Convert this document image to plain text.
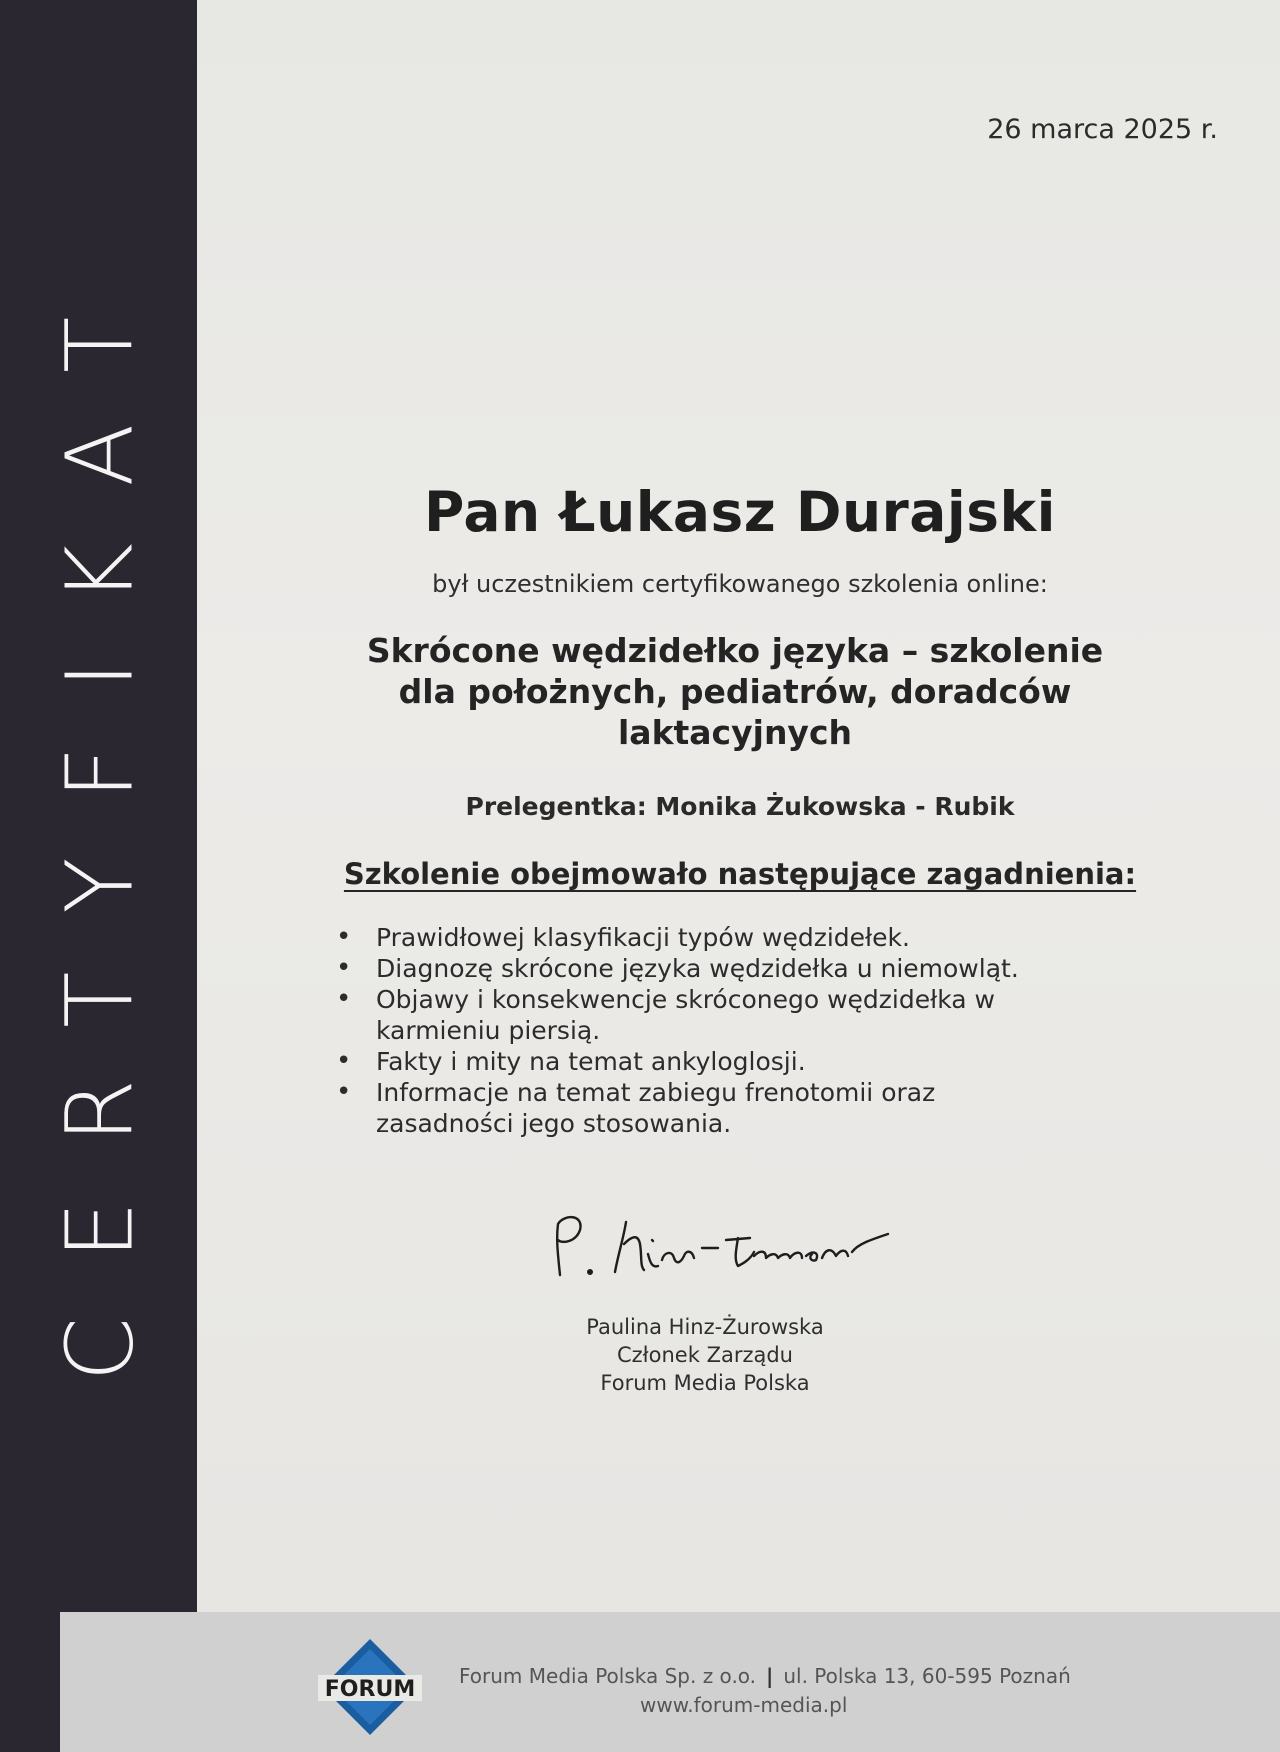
CERTYFIKAT
26 marca 2025 r.
Pan Łukasz Durajski
był uczestnikiem certyfikowanego szkolenia online:
Skrócone wędzidełko języka – szkolenie dla położnych, pediatrów, doradców laktacyjnych
Prelegentka: Monika Żukowska - Rubik
Szkolenie obejmowało następujące zagadnienia:
• Prawidłowej klasyfikacji typów wędzidełek.
• Diagnozę skrócone języka wędzidełka u niemowląt.
• Objawy i konsekwencje skróconego wędzidełka w karmieniu piersią.
• Fakty i mity na temat ankyloglosji.
• Informacje na temat zabiegu frenotomii oraz zasadności jego stosowania.
Paulina Hinz-Żurowska
Członek Zarządu
Forum Media Polska
FORUM
Forum Media Polska Sp. z o.o. | ul. Polska 13, 60-595 Poznań
www.forum-media.pl
